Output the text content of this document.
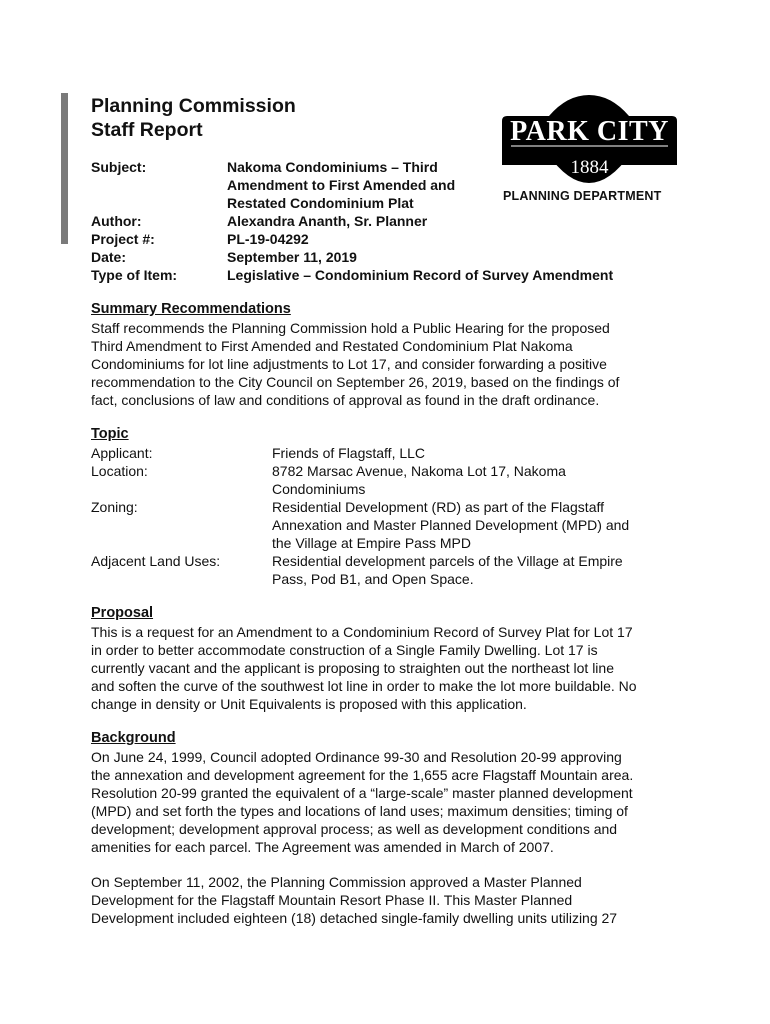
Planning Commission
Staff Report	PARK CITY
1884
PLANNING DEPARTMENT
Subject:	Nakoma Condominiums – Third
Amendment to First Amended and
Restated Condominium Plat
Author:	Alexandra Ananth, Sr. Planner
Project #:	PL-19-04292
Date:	September 11, 2019
Type of Item:	Legislative – Condominium Record of Survey Amendment
Summary Recommendations
Staff recommends the Planning Commission hold a Public Hearing for the proposed
Third Amendment to First Amended and Restated Condominium Plat Nakoma
Condominiums for lot line adjustments to Lot 17, and consider forwarding a positive
recommendation to the City Council on September 26, 2019, based on the findings of
fact, conclusions of law and conditions of approval as found in the draft ordinance.
Topic
Applicant:	Friends of Flagstaff, LLC
Location:	8782 Marsac Avenue, Nakoma Lot 17, Nakoma
Condominiums
Zoning:	Residential Development (RD) as part of the Flagstaff
Annexation and Master Planned Development (MPD) and
the Village at Empire Pass MPD
Adjacent Land Uses:	Residential development parcels of the Village at Empire
Pass, Pod B1, and Open Space.
Proposal
This is a request for an Amendment to a Condominium Record of Survey Plat for Lot 17
in order to better accommodate construction of a Single Family Dwelling. Lot 17 is
currently vacant and the applicant is proposing to straighten out the northeast lot line
and soften the curve of the southwest lot line in order to make the lot more buildable. No
change in density or Unit Equivalents is proposed with this application.
Background
On June 24, 1999, Council adopted Ordinance 99-30 and Resolution 20-99 approving
the annexation and development agreement for the 1,655 acre Flagstaff Mountain area.
Resolution 20-99 granted the equivalent of a “large-scale” master planned development
(MPD) and set forth the types and locations of land uses; maximum densities; timing of
development; development approval process; as well as development conditions and
amenities for each parcel. The Agreement was amended in March of 2007.
On September 11, 2002, the Planning Commission approved a Master Planned
Development for the Flagstaff Mountain Resort Phase II. This Master Planned
Development included eighteen (18) detached single-family dwelling units utilizing 27
